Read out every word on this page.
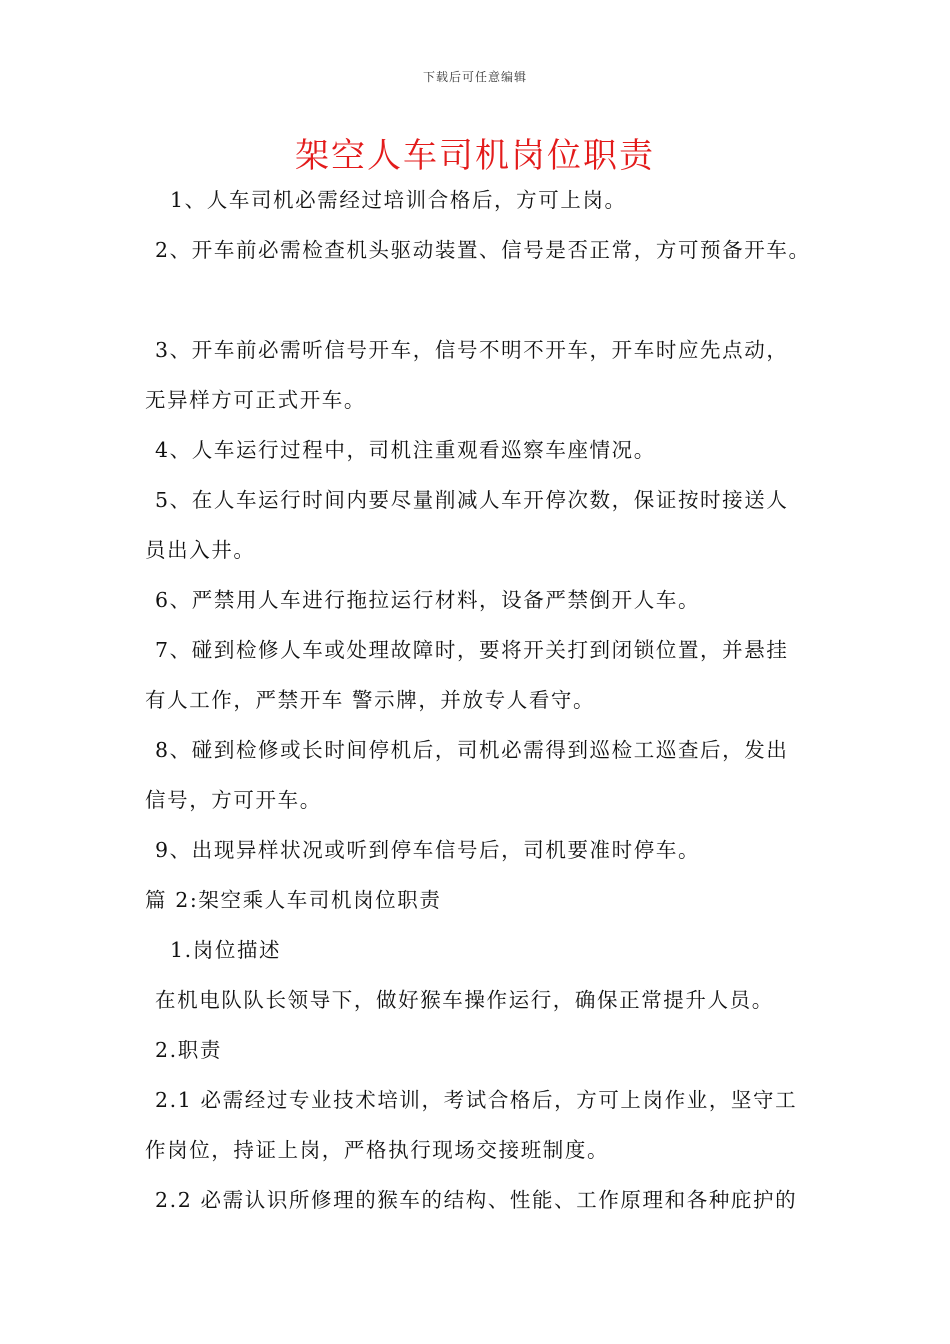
下载后可任意编辑
架空人车司机岗位职责
1、人车司机必需经过培训合格后，方可上岗。
2、开车前必需检查机头驱动装置、信号是否正常，方可预备开车。
3、开车前必需听信号开车，信号不明不开车，开车时应先点动，
无异样方可正式开车。
4、人车运行过程中，司机注重观看巡察车座情况。
5、在人车运行时间内要尽量削减人车开停次数，保证按时接送人
员出入井。
6、严禁用人车进行拖拉运行材料，设备严禁倒开人车。
7、碰到检修人车或处理故障时，要将开关打到闭锁位置，并悬挂
有人工作，严禁开车 警示牌，并放专人看守。
8、碰到检修或长时间停机后，司机必需得到巡检工巡查后，发出
信号，方可开车。
9、出现异样状况或听到停车信号后，司机要准时停车。
篇 2:架空乘人车司机岗位职责
1.岗位描述
在机电队队长领导下，做好猴车操作运行，确保正常提升人员。
2.职责
2.1 必需经过专业技术培训，考试合格后，方可上岗作业，坚守工
作岗位，持证上岗，严格执行现场交接班制度。
2.2 必需认识所修理的猴车的结构、性能、工作原理和各种庇护的
